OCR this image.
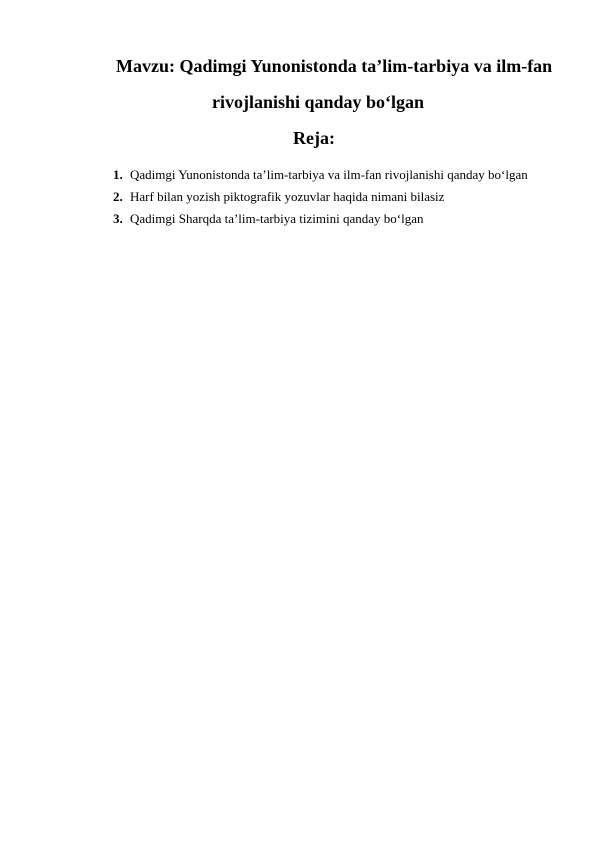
Mavzu: Qadimgi Yunonistonda ta’lim-tarbiya va ilm-fan
rivojlanishi qanday bo‘lgan
Reja:
1. Qadimgi Yunonistonda ta’lim-tarbiya va ilm-fan rivojlanishi qanday bo‘lgan
2. Harf bilan yozish piktografik yozuvlar haqida nimani bilasiz
3. Qadimgi Sharqda ta’lim-tarbiya tizimini qanday bo‘lgan
